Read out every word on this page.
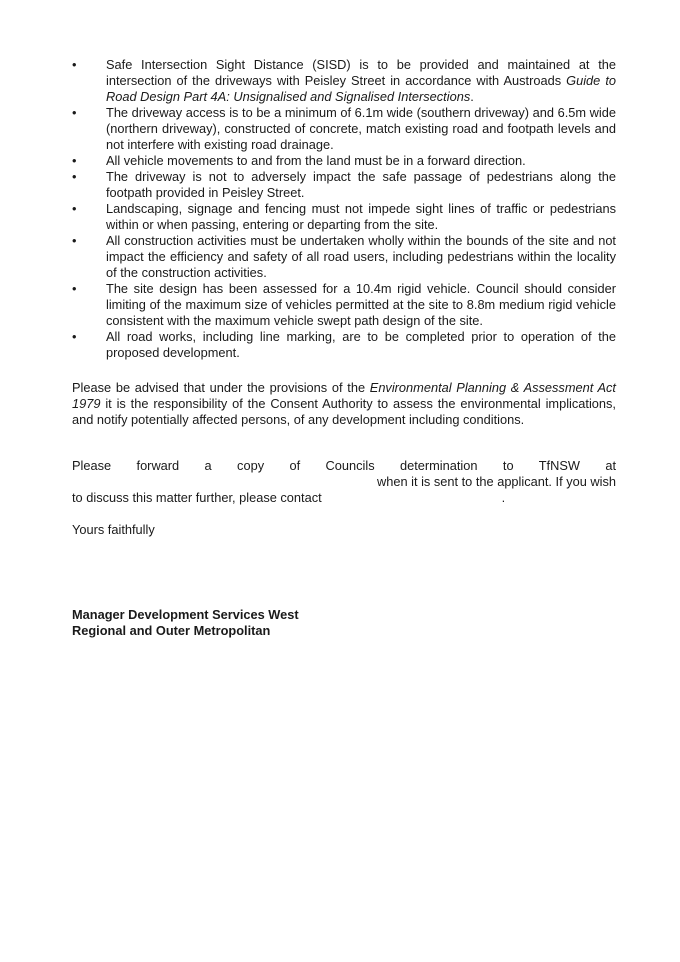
•	Safe Intersection Sight Distance (SISD) is to be provided and maintained at the intersection of the driveways with Peisley Street in accordance with Austroads Guide to Road Design Part 4A: Unsignalised and Signalised Intersections.
•	The driveway access is to be a minimum of 6.1m wide (southern driveway) and 6.5m wide (northern driveway), constructed of concrete, match existing road and footpath levels and not interfere with existing road drainage.
•	All vehicle movements to and from the land must be in a forward direction.
•	The driveway is not to adversely impact the safe passage of pedestrians along the footpath provided in Peisley Street.
•	Landscaping, signage and fencing must not impede sight lines of traffic or pedestrians within or when passing, entering or departing from the site.
•	All construction activities must be undertaken wholly within the bounds of the site and not impact the efficiency and safety of all road users, including pedestrians within the locality of the construction activities.
•	The site design has been assessed for a 10.4m rigid vehicle. Council should consider limiting of the maximum size of vehicles permitted at the site to 8.8m medium rigid vehicle consistent with the maximum vehicle swept path design of the site.
•	All road works, including line marking, are to be completed prior to operation of the proposed development.

Please be advised that under the provisions of the Environmental Planning & Assessment Act 1979 it is the responsibility of the Consent Authority to assess the environmental implications, and notify potentially affected persons, of any development including conditions.

Please forward a copy of Councils determination to TfNSW at
when it is sent to the applicant. If you wish
to discuss this matter further, please contact	.

Yours faithfully

Manager Development Services West
Regional and Outer Metropolitan
